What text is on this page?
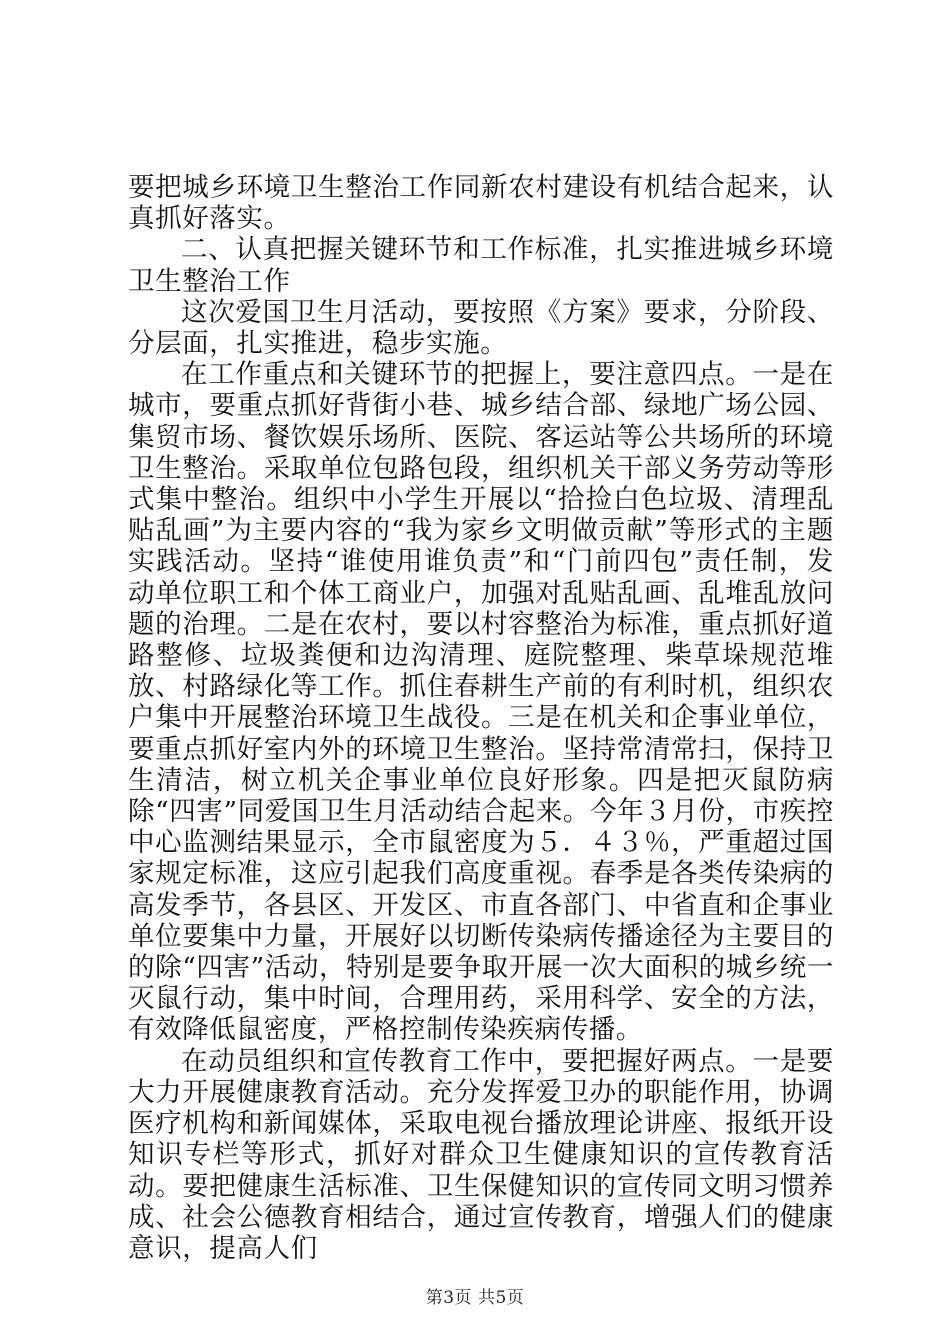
要把城乡环境卫生整治工作同新农村建设有机结合起来，认真抓好落实。

二、认真把握关键环节和工作标准，扎实推进城乡环境卫生整治工作

这次爱国卫生月活动，要按照《方案》要求，分阶段、分层面，扎实推进，稳步实施。

在工作重点和关键环节的把握上，要注意四点。一是在城市，要重点抓好背街小巷、城乡结合部、绿地广场公园、集贸市场、餐饮娱乐场所、医院、客运站等公共场所的环境卫生整治。采取单位包路包段，组织机关干部义务劳动等形式集中整治。组织中小学生开展以“拾捡白色垃圾、清理乱贴乱画”为主要内容的“我为家乡文明做贡献”等形式的主题实践活动。坚持“谁使用谁负责”和“门前四包”责任制，发动单位职工和个体工商业户，加强对乱贴乱画、乱堆乱放问题的治理。二是在农村，要以村容整治为标准，重点抓好道路整修、垃圾粪便和边沟清理、庭院整理、柴草垛规范堆放、村路绿化等工作。抓住春耕生产前的有利时机，组织农户集中开展整治环境卫生战役。三是在机关和企事业单位，要重点抓好室内外的环境卫生整治。坚持常清常扫，保持卫生清洁，树立机关企事业单位良好形象。四是把灭鼠防病除“四害”同爱国卫生月活动结合起来。今年３月份，市疾控中心监测结果显示，全市鼠密度为５．４３％，严重超过国家规定标准，这应引起我们高度重视。春季是各类传染病的高发季节，各县区、开发区、市直各部门、中省直和企事业单位要集中力量，开展好以切断传染病传播途径为主要目的的除“四害”活动，特别是要争取开展一次大面积的城乡统一灭鼠行动，集中时间，合理用药，采用科学、安全的方法，有效降低鼠密度，严格控制传染疾病传播。

在动员组织和宣传教育工作中，要把握好两点。一是要大力开展健康教育活动。充分发挥爱卫办的职能作用，协调医疗机构和新闻媒体，采取电视台播放理论讲座、报纸开设知识专栏等形式，抓好对群众卫生健康知识的宣传教育活动。要把健康生活标准、卫生保健知识的宣传同文明习惯养成、社会公德教育相结合，通过宣传教育，增强人们的健康意识，提高人们

第3页 共5页
